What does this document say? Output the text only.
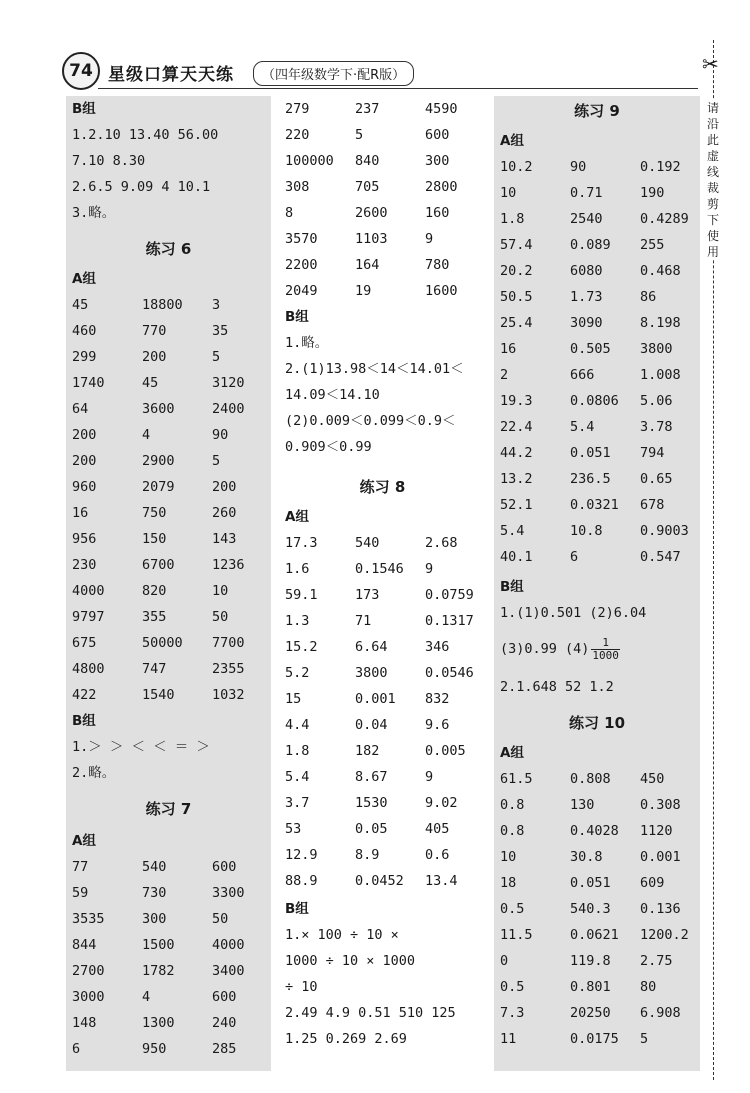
74 星级口算天天练	（四年级数学下·配R版）
B组
1.2.10 13.40 56.00
7.10 8.30
2.6.5 9.09 4 10.1
3.略。
练习 6
A组
45	18800 3
460	770	35
299	200	5
1740	45	3120
64	3600	2400
200	4	90
200	2900	5
960	2079	200
16	750	260
956	150	143
230	6700	1236
4000	820	10
9797	355	50
675	50000 7700
4800	747	2355
422	1540	1032
B组
1.＞ ＞ ＜ ＜ ＝ ＞
2.略。
练习 7
A组
77	540	600
59	730	3300
3535	300	50
844	1500	4000
2700	1782	3400
3000	4	600
148	1300	240
6	950	285
279	237	4590
220	5	600
100000 840	300
308	705	2800
8	2600	160
3570	1103	9
2200	164	780
2049	19	1600
B组
1.略。
2.(1)13.98＜14＜14.01＜
14.09＜14.10
(2)0.009＜0.099＜0.9＜
0.909＜0.99
练习 8
A组
17.3	540	2.68
1.6	0.1546 9
59.1	173	0.0759
1.3	71	0.1317
15.2	6.64	346
5.2	3800	0.0546
15	0.001 832
4.4	0.04	9.6
1.8	182	0.005
5.4	8.67	9
3.7	1530	9.02
53	0.05	405
12.9	8.9	0.6
88.9	0.0452 13.4
B组
1.× 100 ÷ 10 ×
1000 ÷ 10 × 1000
÷ 10
2.49 4.9 0.51 510 125
1.25 0.269 2.69
练习 9
A组
10.2	90	0.192
10	0.71	190
1.8	2540	0.4289
57.4	0.089 255
20.2	6080	0.468
50.5	1.73	86
25.4	3090	8.198
16	0.505 3800
2	666	1.008
19.3	0.0806 5.06
22.4	5.4	3.78
44.2	0.051 794
13.2	236.5 0.65
52.1	0.0321 678
5.4	10.8	0.9003
40.1	6	0.547
B组
1.(1)0.501 (2)6.04
(3)0.99 $(4) \frac{1}{1000}$
2.1.648 52 1.2
练习 10
A组
61.5	0.808 450
0.8	130	0.308
0.8	0.4028 1120
10	30.8	0.001
18	0.051 609
0.5	540.3 0.136
11.5	0.0621 1200.2
0	119.8 2.75
0.5	0.801 80
7.3	20250 6.908
11	0.0175 5
✂
请
沿
此
虚
线
裁
剪
下
使
用
